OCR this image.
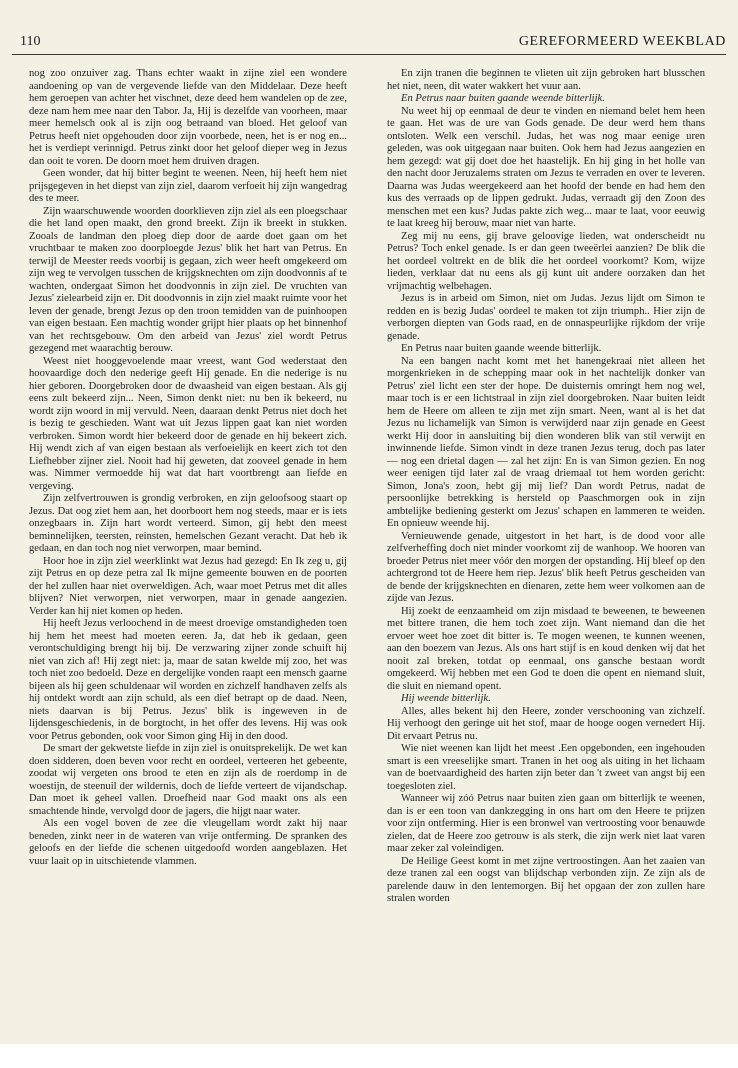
110	GEREFORMEERD WEEKBLAD

nog zoo onzuiver zag. Thans echter waakt in zijne ziel een wondere aandoening op van de vergevende liefde van den Middelaar. Deze heeft hem geroepen van achter het vischnet, deze deed hem wandelen op de zee, deze nam hem mee naar den Tabor. Ja, Hij is dezelfde van voorheen, maar meer hemelsch ook al is zijn oog betraand van bloed. Het geloof van Petrus heeft niet opgehouden door zijn voorbede, neen, het is er nog en... het is verdiept verinnigd. Petrus zinkt door het geloof dieper weg in Jezus dan ooit te voren. De doorn moet hem druiven dragen.

Geen wonder, dat hij bitter begint te weenen. Neen, hij heeft hem niet prijsgegeven in het diepst van zijn ziel, daarom verfoeit hij zijn wangedrag des te meer.

Zijn waarschuwende woorden doorklieven zijn ziel als een ploegschaar die het land open maakt, den grond breekt. Zijn ik breekt in stukken. Zooals de landman den ploeg diep door de aarde doet gaan om het vruchtbaar te maken zoo doorploegde Jezus' blik het hart van Petrus. En terwijl de Meester reeds voorbij is gegaan, zich weer heeft omgekeerd om zijn weg te vervolgen tusschen de krijgsknechten om zijn doodvonnis af te wachten, ondergaat Simon het doodvonnis in zijn ziel. De vruchten van Jezus' zielearbeid zijn er. Dit doodvonnis in zijn ziel maakt ruimte voor het leven der genade, brengt Jezus op den troon temidden van de puinhoopen van eigen bestaan. Een machtig wonder grijpt hier plaats op het binnenhof van het rechtsgebouw. Om den arbeid van Jezus' ziel wordt Petrus gezegend met waarachtig berouw.

Weest niet hooggevoelende maar vreest, want God wederstaat den hoovaardige doch den nederige geeft Hij genade. En die nederige is nu hier geboren. Doorgebroken door de dwaasheid van eigen bestaan. Als gij eens zult bekeerd zijn... Neen, Simon denkt niet: nu ben ik bekeerd, nu wordt zijn woord in mij vervuld. Neen, daaraan denkt Petrus niet doch het is bezig te geschieden. Want wat uit Jezus lippen gaat kan niet worden verbroken. Simon wordt hier bekeerd door de genade en hij bekeert zich. Hij wendt zich af van eigen bestaan als verfoeielijk en keert zich tot den Liefhebber zijner ziel. Nooit had hij geweten, dat zooveel genade in hem was. Nimmer vermoedde hij wat dat hart voortbrengt aan liefde en vergeving.

Zijn zelfvertrouwen is grondig verbroken, en zijn geloofsoog staart op Jezus. Dat oog ziet hem aan, het doorboort hem nog steeds, maar er is iets onzegbaars in. Zijn hart wordt verteerd. Simon, gij hebt den meest beminnelijken, teersten, reinsten, hemelschen Gezant veracht. Dat heb ik gedaan, en dan toch nog niet verworpen, maar bemind.

Hoor hoe in zijn ziel weerklinkt wat Jezus had gezegd: En Ik zeg u, gij zijt Petrus en op deze petra zal Ik mijne gemeente bouwen en de poorten der hel zullen haar niet overweldigen. Ach, waar moet Petrus met dit alles blijven? Niet verworpen, niet verworpen, maar in genade aangezien. Verder kan hij niet komen op heden.

Hij heeft Jezus verloochend in de meest droevige omstandigheden toen hij hem het meest had moeten eeren. Ja, dat heb ik gedaan, geen verontschuldiging brengt hij bij. De verzwaring zijner zonde schuift hij niet van zich af! Hij zegt niet: ja, maar de satan kwelde mij zoo, het was toch niet zoo bedoeld. Deze en dergelijke vonden raapt een mensch gaarne bijeen als hij geen schuldenaar wil worden en zichzelf handhaven zelfs als hij ontdekt wordt aan zijn schuld, als een dief betrapt op de daad. Neen, niets daarvan is bij Petrus. Jezus' blik is ingeweven in de lijdensgeschiedenis, in de borgtocht, in het offer des levens. Hij was ook voor Petrus gebonden, ook voor Simon ging Hij in den dood.

De smart der gekwetste liefde in zijn ziel is onuitsprekelijk. De wet kan doen sidderen, doen beven voor recht en oordeel, verteeren het gebeente, zoodat wij vergeten ons brood te eten en zijn als de roerdomp in de woestijn, de steenuil der wildernis, doch de liefde verteert de vijandschap. Dan moet ik geheel vallen. Droefheid naar God maakt ons als een smachtende hinde, vervolgd door de jagers, die hijgt naar water.

Als een vogel boven de zee die vleugellam wordt zakt hij naar beneden, zinkt neer in de wateren van vrije ontferming. De spranken des geloofs en der liefde die schenen uitgedoofd worden aangeblazen. Het vuur laait op in uitschietende vlammen.

En zijn tranen die beginnen te vlieten uit zijn gebroken hart blusschen het niet, neen, dit water wakkert het vuur aan.

En Petrus naar buiten gaande weende bitterlijk.

Nu weet hij op eenmaal de deur te vinden en niemand belet hem heen te gaan. Het was de ure van Gods genade. De deur werd hem thans ontsloten. Welk een verschil. Judas, het was nog maar eenige uren geleden, was ook uitgegaan naar buiten. Ook hem had Jezus aangezien en hem gezegd: wat gij doet doe het haastelijk. En hij ging in het holle van den nacht door Jeruzalems straten om Jezus te verraden en over te leveren. Daarna was Judas weergekeerd aan het hoofd der bende en had hem den kus des verraads op de lippen gedrukt. Judas, verraadt gij den Zoon des menschen met een kus? Judas pakte zich weg... maar te laat, voor eeuwig te laat kreeg hij berouw, maar niet van harte.

Zeg mij nu eens, gij brave geloovige lieden, wat onderscheidt nu Petrus? Toch enkel genade. Is er dan geen tweeërlei aanzien? De blik die het oordeel voltrekt en de blik die het oordeel voorkomt? Kom, wijze lieden, verklaar dat nu eens als gij kunt uit andere oorzaken dan het vrijmachtig welbehagen.

Jezus is in arbeid om Simon, niet om Judas. Jezus lijdt om Simon te redden en is bezig Judas' oordeel te maken tot zijn triumph.. Hier zijn de verborgen diepten van Gods raad, en de onnaspeurlijke rijkdom der vrije genade.

En Petrus naar buiten gaande weende bitterlijk.

Na een bangen nacht komt met het hanengekraai niet alleen het morgenkrieken in de schepping maar ook in het nachtelijk donker van Petrus' ziel licht een ster der hope. De duisternis omringt hem nog wel, maar toch is er een lichtstraal in zijn ziel doorgebroken. Naar buiten leidt hem de Heere om alleen te zijn met zijn smart. Neen, want al is het dat Jezus nu lichamelijk van Simon is verwijderd naar zijn genade en Geest werkt Hij door in aansluiting bij dien wonderen blik van stil verwijt en inwinnende liefde. Simon vindt in deze tranen Jezus terug, doch pas later — nog een drietal dagen — zal het zijn: En is van Simon gezien. En nog weer eenigen tijd later zal de vraag driemaal tot hem worden gericht: Simon, Jona's zoon, hebt gij mij lief? Dan wordt Petrus, nadat de persoonlijke betrekking is hersteld op Paaschmorgen ook in zijn ambtelijke bediening gesterkt om Jezus' schapen en lammeren te weiden. En opnieuw weende hij.

Vernieuwende genade, uitgestort in het hart, is de dood voor alle zelfverheffing doch niet minder voorkomt zij de wanhoop. We hooren van broeder Petrus niet meer vóór den morgen der opstanding. Hij bleef op den achtergrond tot de Heere hem riep. Jezus' blik heeft Petrus gescheiden van de bende der krijgsknechten en dienaren, zette hem weer volkomen aan de zijde van Jezus.

Hij zoekt de eenzaamheid om zijn misdaad te beweenen, te beweenen met bittere tranen, die hem toch zoet zijn. Want niemand dan die het ervoer weet hoe zoet dit bitter is. Te mogen weenen, te kunnen weenen, aan den boezem van Jezus. Als ons hart stijf is en koud denken wij dat het nooit zal breken, totdat op eenmaal, ons gansche bestaan wordt omgekeerd. Wij hebben met een God te doen die opent en niemand sluit, die sluit en niemand opent.

Hij weende bitterlijk.

Alles, alles bekent hij den Heere, zonder verschooning van zichzelf. Hij verhoogt den geringe uit het stof, maar de hooge oogen vernedert Hij. Dit ervaart Petrus nu.

Wie niet weenen kan lijdt het meest .Een opgebonden, een ingehouden smart is een vreeselijke smart. Tranen in het oog als uiting in het lichaam van de boetvaardigheid des harten zijn beter dan 't zweet van angst bij een toegesloten ziel.

Wanneer wij zóó Petrus naar buiten zien gaan om bitterlijk te weenen, dan is er een toon van dankzegging in ons hart om den Heere te prijzen voor zijn ontferming. Hier is een bronwel van vertroosting voor benauwde zielen, dat de Heere zoo getrouw is als sterk, die zijn werk niet laat varen maar zeker zal voleindigen.

De Heilige Geest komt in met zijne vertroostingen. Aan het zaaien van deze tranen zal een oogst van blijdschap verbonden zijn. Ze zijn als de parelende dauw in den lentemorgen. Bij het opgaan der zon zullen hare stralen worden
